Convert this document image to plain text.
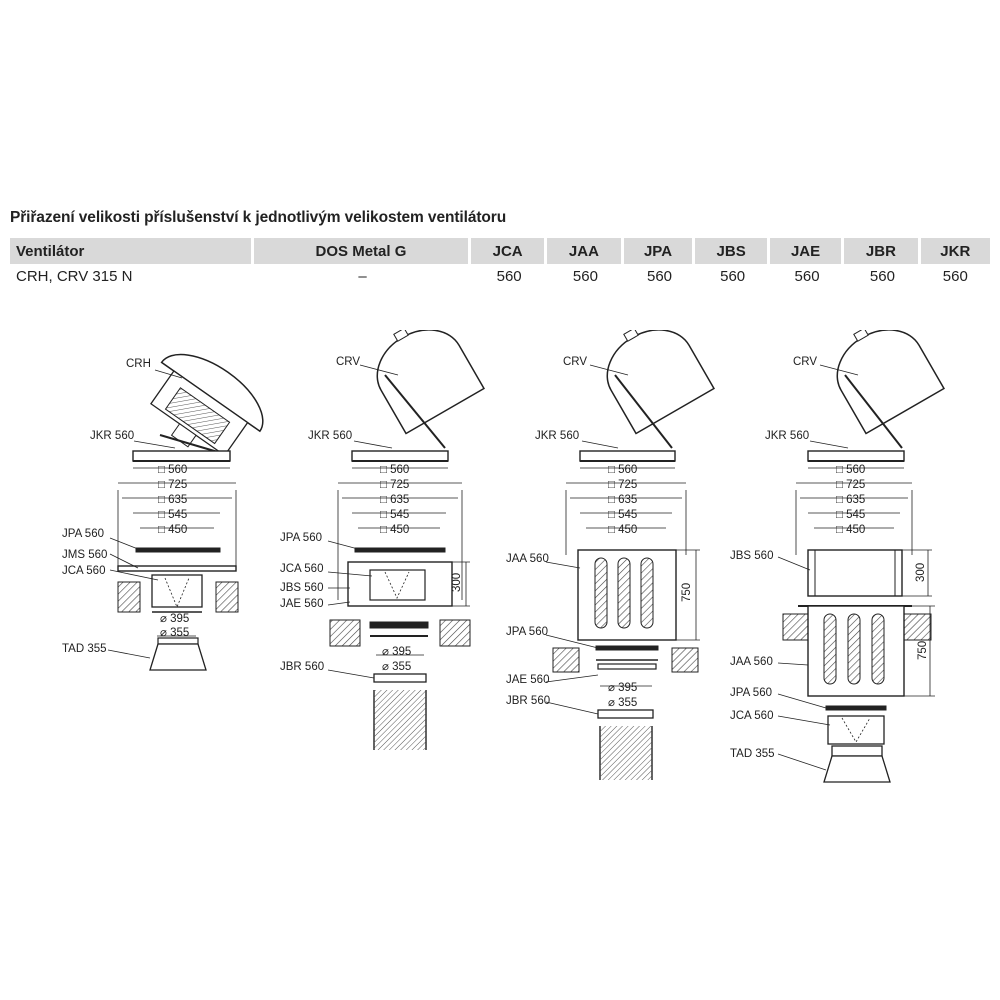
Přiřazení velikosti příslušenství k jednotlivým velikostem ventilátoru
Ventilátor	DOS Metal G	JCA	JAA	JPA	JBS	JAE	JBR	JKR
CRH, CRV 315 N	–	560	560	560	560	560	560	560
CRH
JKR 560
□ 560
□ 725
□ 635
□ 545
□ 450
JPA 560
JMS 560
JCA 560
⌀ 395
⌀ 355
TAD 355
CRV
JKR 560
□ 560
□ 725
□ 635
□ 545
□ 450
JPA 560
JCA 560
JBS 560
JAE 560
300
⌀ 395
⌀ 355
JBR 560
CRV
JKR 560
□ 560
□ 725
□ 635
□ 545
□ 450
JAA 560
750
JPA 560
JAE 560
⌀ 395
⌀ 355
JBR 560
CRV
JKR 560
□ 560
□ 725
□ 635
□ 545
□ 450
JBS 560
300
JAA 560
750
JPA 560
JCA 560
TAD 355
